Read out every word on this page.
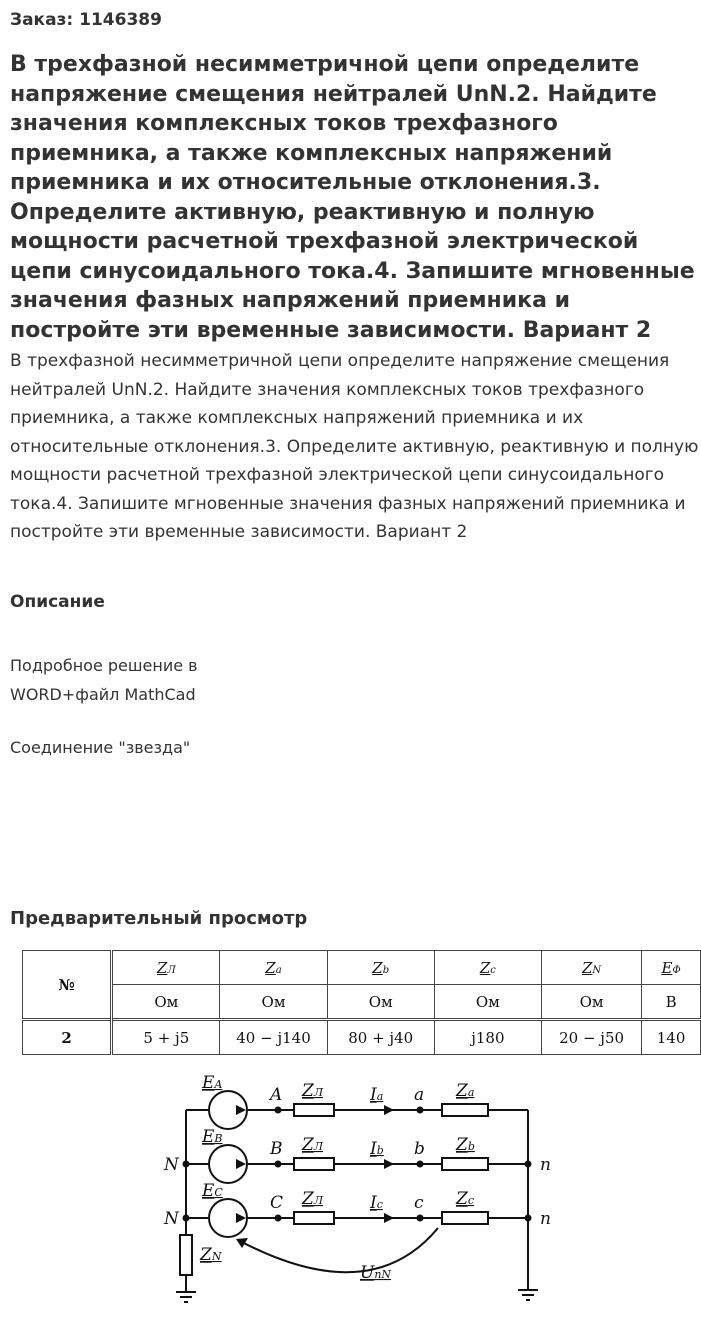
Заказ: 1146389
В трехфазной несимметричной цепи определите напряжение смещения нейтралей UnN.2. Найдите значения комплексных токов трехфазного приемника, а также комплексных напряжений приемника и их относительные отклонения.3. Определите активную, реактивную и полную мощности расчетной трехфазной электрической цепи синусоидального тока.4. Запишите мгновенные значения фазных напряжений приемника и постройте эти временные зависимости. Вариант 2

В трехфазной несимметричной цепи определите напряжение смещения нейтралей UnN.2. Найдите значения комплексных токов трехфазного приемника, а также комплексных напряжений приемника и их относительные отклонения.3. Определите активную, реактивную и полную мощности расчетной трехфазной электрической цепи синусоидального тока.4. Запишите мгновенные значения фазных напряжений приемника и постройте эти временные зависимости. Вариант 2

Описание
Подробное решение в WORD+файл MathCad
Соединение "звезда"
Предварительный просмотр
№	ZЛ	Za	Zb	Zc	ZN	EФ
	Ом	Ом	Ом	Ом	Ом	В
2	5 + j5	40 − j140	80 + j40	j180	20 − j50	140
EA
EB
EC
A
B
C
a
b
c
ZЛ
ZЛ
ZЛ
Ia
Ib
Ic
Za
Zb
Zc
N
N
n
n
ZN
UnN
